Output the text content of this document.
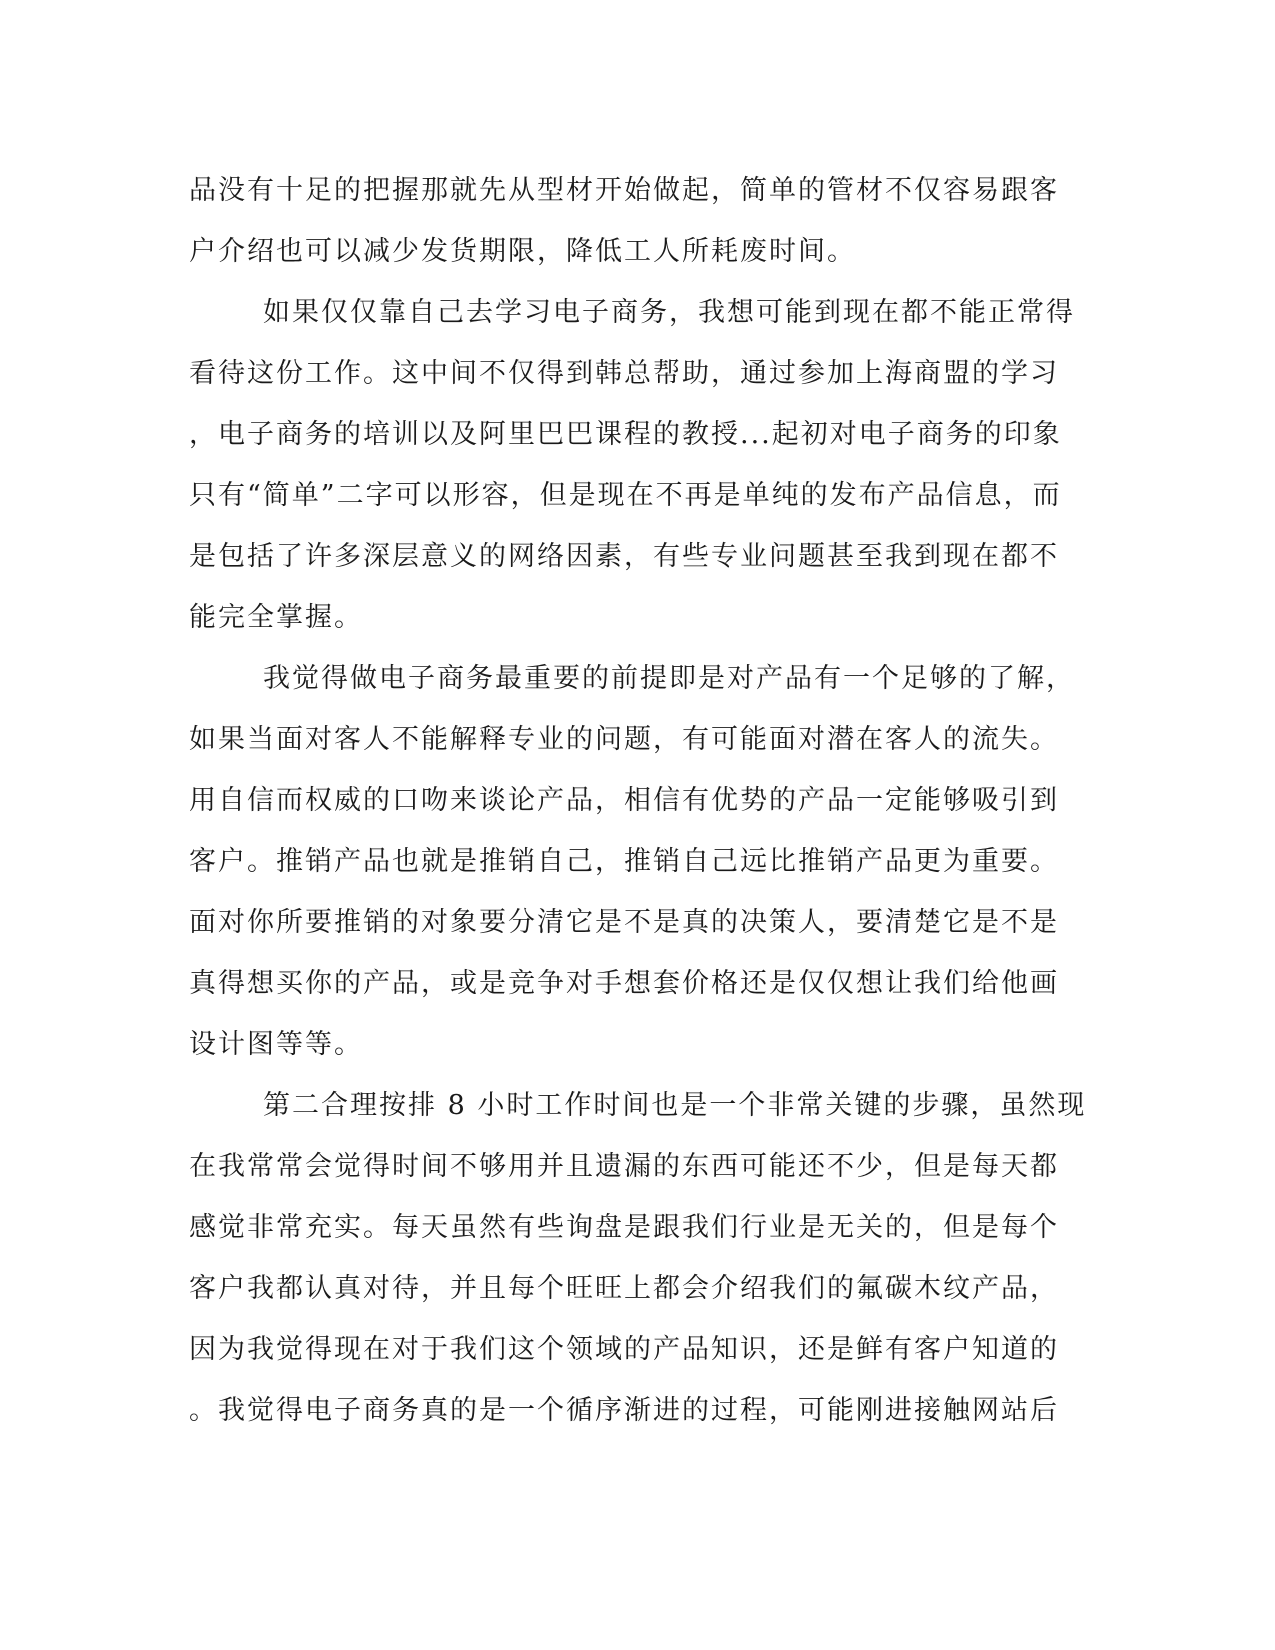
品没有十足的把握那就先从型材开始做起，简单的管材不仅容易跟客
户介绍也可以减少发货期限，降低工人所耗废时间。
如果仅仅靠自己去学习电子商务，我想可能到现在都不能正常得
看待这份工作。这中间不仅得到韩总帮助，通过参加上海商盟的学习
，电子商务的培训以及阿里巴巴课程的教授...起初对电子商务的印象
只有“简单”二字可以形容，但是现在不再是单纯的发布产品信息，而
是包括了许多深层意义的网络因素，有些专业问题甚至我到现在都不
能完全掌握。
我觉得做电子商务最重要的前提即是对产品有一个足够的了解，
如果当面对客人不能解释专业的问题，有可能面对潜在客人的流失。
用自信而权威的口吻来谈论产品，相信有优势的产品一定能够吸引到
客户。推销产品也就是推销自己，推销自己远比推销产品更为重要。
面对你所要推销的对象要分清它是不是真的决策人，要清楚它是不是
真得想买你的产品，或是竞争对手想套价格还是仅仅想让我们给他画
设计图等等。
第二合理按排 8 小时工作时间也是一个非常关键的步骤，虽然现
在我常常会觉得时间不够用并且遗漏的东西可能还不少，但是每天都
感觉非常充实。每天虽然有些询盘是跟我们行业是无关的，但是每个
客户我都认真对待，并且每个旺旺上都会介绍我们的氟碳木纹产品，
因为我觉得现在对于我们这个领域的产品知识，还是鲜有客户知道的
。我觉得电子商务真的是一个循序渐进的过程，可能刚进接触网站后
